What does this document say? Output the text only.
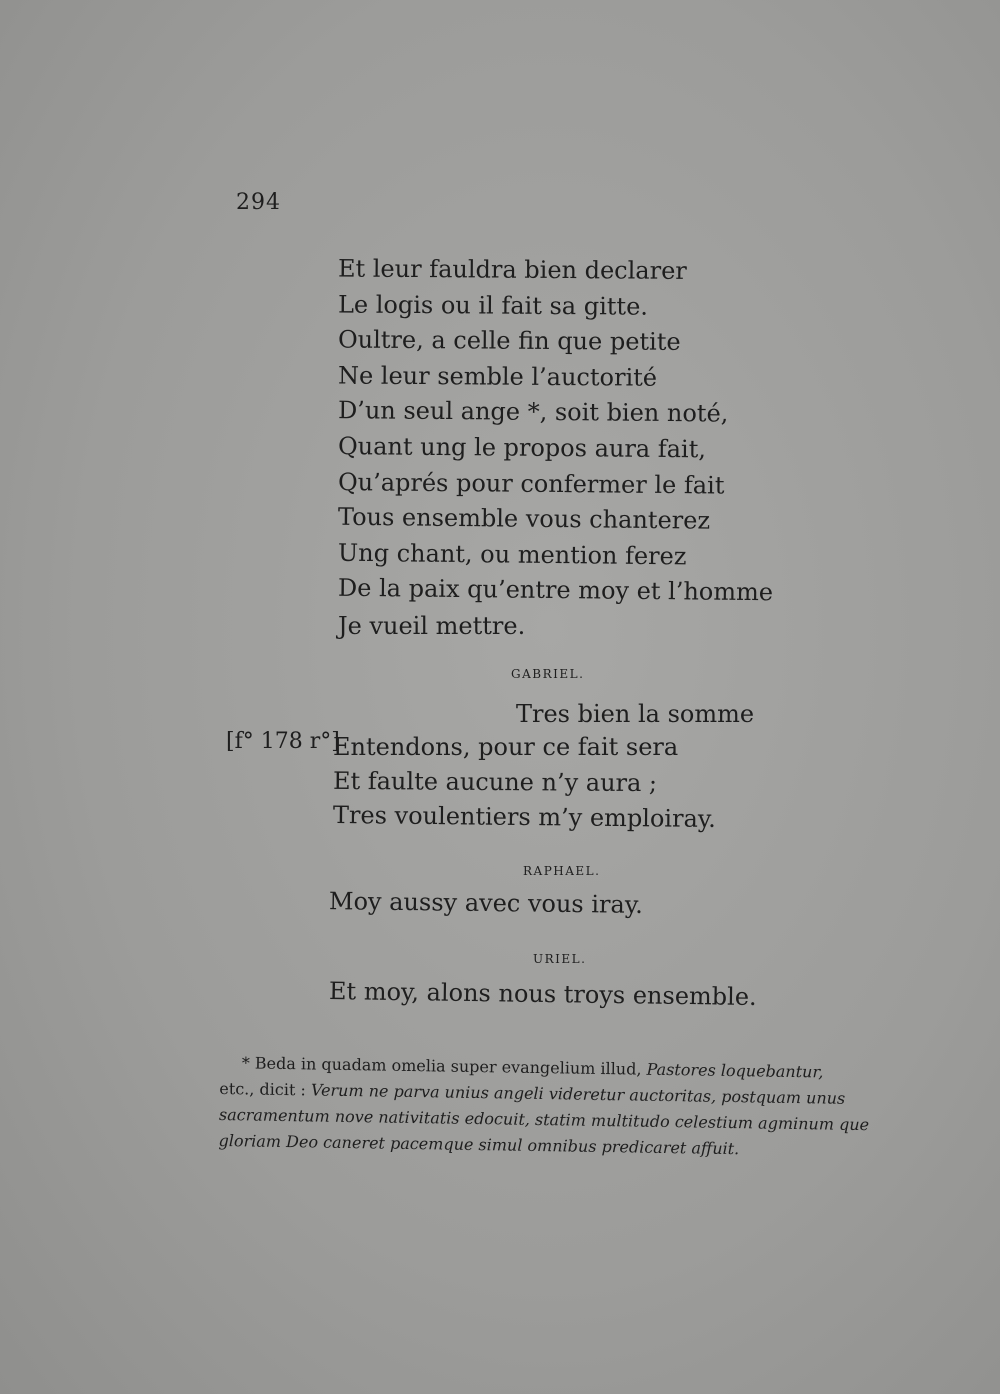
294
Et leur fauldra bien declarer
Le logis ou il fait sa gitte.
Oultre, a celle fin que petite
Ne leur semble l’auctorité
D’un seul ange *, soit bien noté,
Quant ung le propos aura fait,
Qu’aprés pour confermer le fait
Tous ensemble vous chanterez
Ung chant, ou mention ferez
De la paix qu’entre moy et l’homme
Je vueil mettre.
GABRIEL.
Tres bien la somme
[f° 178 r°]
Entendons, pour ce fait sera
Et faulte aucune n’y aura ;
Tres voulentiers m’y emploiray.
RAPHAEL.
Moy aussy avec vous iray.
URIEL.
Et moy, alons nous troys ensemble.
* Beda in quadam omelia super evangelium illud, Pastores loquebantur,
etc., dicit : Verum ne parva unius angeli videretur auctoritas, postquam unus
sacramentum nove nativitatis edocuit, statim multitudo celestium agminum que
gloriam Deo caneret pacemque simul omnibus predicaret affuit.
